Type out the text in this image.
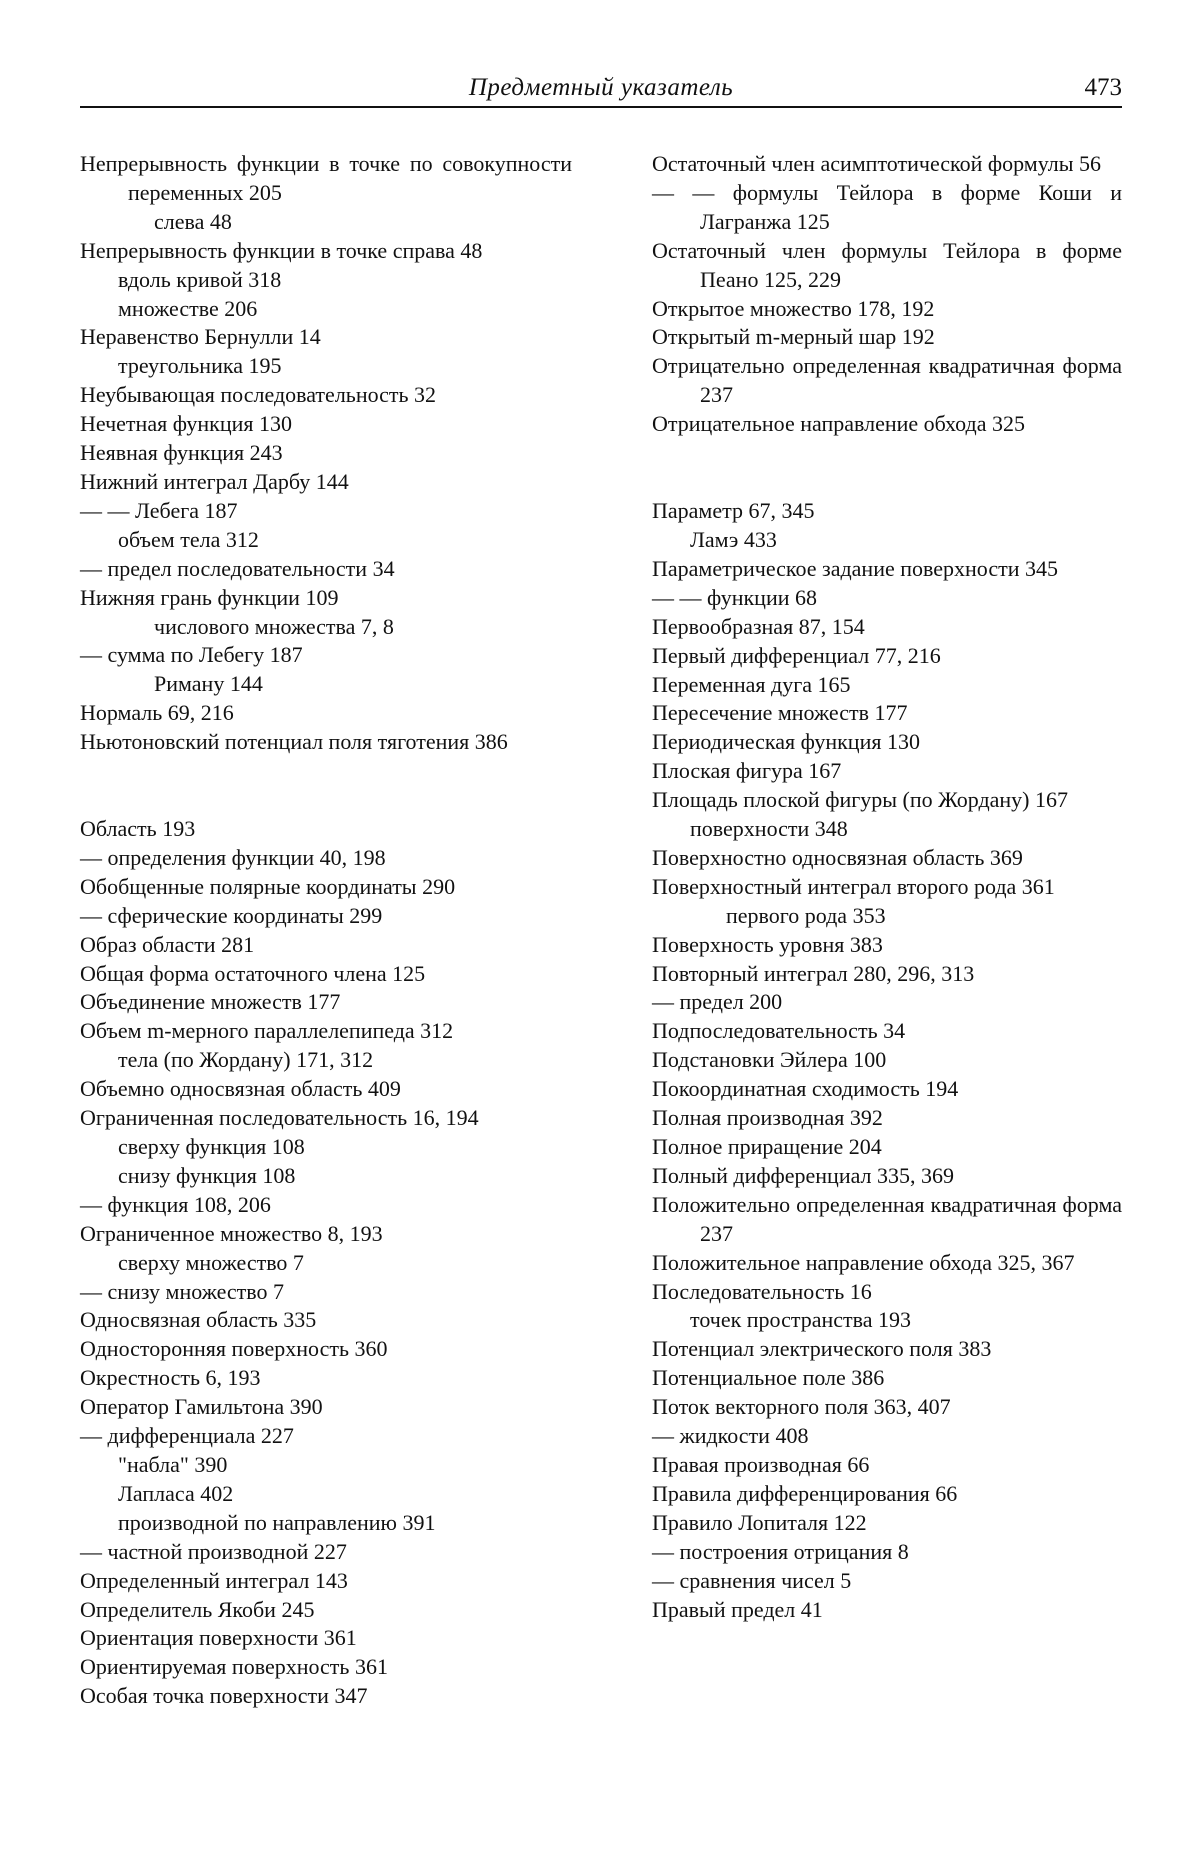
Предметный указатель	473

Непрерывность функции в точке по совокупности переменных 205

слева 48

Непрерывность функции в точке справа 48

вдоль кривой 318

множестве 206

Неравенство Бернулли 14

треугольника 195

Неубывающая последовательность 32

Нечетная функция 130

Неявная функция 243

Нижний интеграл Дарбу 144

— — Лебега 187

объем тела 312

— предел последовательности 34

Нижняя грань функции 109

числового множества 7, 8

— сумма по Лебегу 187

Риману 144

Нормаль 69, 216

Ньютоновский потенциал поля тяготения 386

Область 193

— определения функции 40, 198

Обобщенные полярные координаты 290

— сферические координаты 299

Образ области 281

Общая форма остаточного члена 125

Объединение множеств 177

Объем m-мерного параллелепипеда 312

тела (по Жордану) 171, 312

Объемно односвязная область 409

Ограниченная последовательность 16, 194

сверху функция 108

снизу функция 108

— функция 108, 206

Ограниченное множество 8, 193

сверху множество 7

— снизу множество 7

Односвязная область 335

Односторонняя поверхность 360

Окрестность 6, 193

Оператор Гамильтона 390

— дифференциала 227

"набла" 390

Лапласа 402

производной по направлению 391

— частной производной 227

Определенный интеграл 143

Определитель Якоби 245

Ориентация поверхности 361

Ориентируемая поверхность 361

Особая точка поверхности 347

Остаточный член асимптотической формулы 56

— — формулы Тейлора в форме Коши и Лагранжа 125

Остаточный член формулы Тейлора в форме Пеано 125, 229

Открытое множество 178, 192

Открытый m-мерный шар 192

Отрицательно определенная квадратичная форма 237

Отрицательное направление обхода 325

Параметр 67, 345

Ламэ 433

Параметрическое задание поверхности 345

— — функции 68

Первообразная 87, 154

Первый дифференциал 77, 216

Переменная дуга 165

Пересечение множеств 177

Периодическая функция 130

Плоская фигура 167

Площадь плоской фигуры (по Жордану) 167

поверхности 348

Поверхностно односвязная область 369

Поверхностный интеграл второго рода 361

первого рода 353

Поверхность уровня 383

Повторный интеграл 280, 296, 313

— предел 200

Подпоследовательность 34

Подстановки Эйлера 100

Покоординатная сходимость 194

Полная производная 392

Полное приращение 204

Полный дифференциал 335, 369

Положительно определенная квадратичная форма 237

Положительное направление обхода 325, 367

Последовательность 16

точек пространства 193

Потенциал электрического поля 383

Потенциальное поле 386

Поток векторного поля 363, 407

— жидкости 408

Правая производная 66

Правила дифференцирования 66

Правило Лопиталя 122

— построения отрицания 8

— сравнения чисел 5

Правый предел 41
